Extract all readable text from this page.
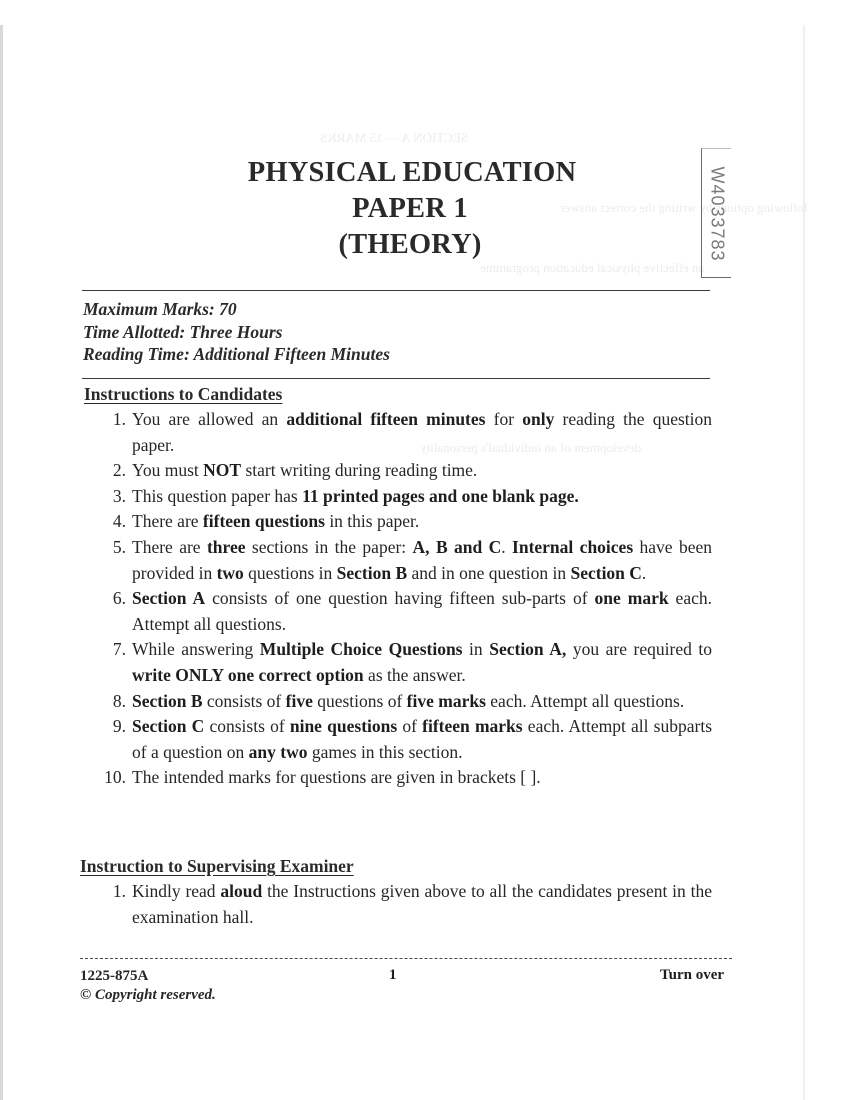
SECTION A — 15 MARKS
following options by writing the correct answer
an effective physical education programme
development of an individual's personality
PHYSICAL EDUCATION
PAPER 1
(THEORY)	W4033783
Maximum Marks: 70
Time Allotted: Three Hours
Reading Time: Additional Fifteen Minutes
Instructions to Candidates
1. You are allowed an additional fifteen minutes for only reading the question paper.
2. You must NOT start writing during reading time.
3. This question paper has 11 printed pages and one blank page.
4. There are fifteen questions in this paper.
5. There are three sections in the paper: A, B and C. Internal choices have been provided in two questions in Section B and in one question in Section C.
6. Section A consists of one question having fifteen sub-parts of one mark each. Attempt all questions.
7. While answering Multiple Choice Questions in Section A, you are required to write ONLY one correct option as the answer.
8. Section B consists of five questions of five marks each. Attempt all questions.
9. Section C consists of nine questions of fifteen marks each. Attempt all subparts of a question on any two games in this section.
10. The intended marks for questions are given in brackets [ ].
Instruction to Supervising Examiner
1. Kindly read aloud the Instructions given above to all the candidates present in the examination hall.
1225-875A
© Copyright reserved.
1	Turn over
